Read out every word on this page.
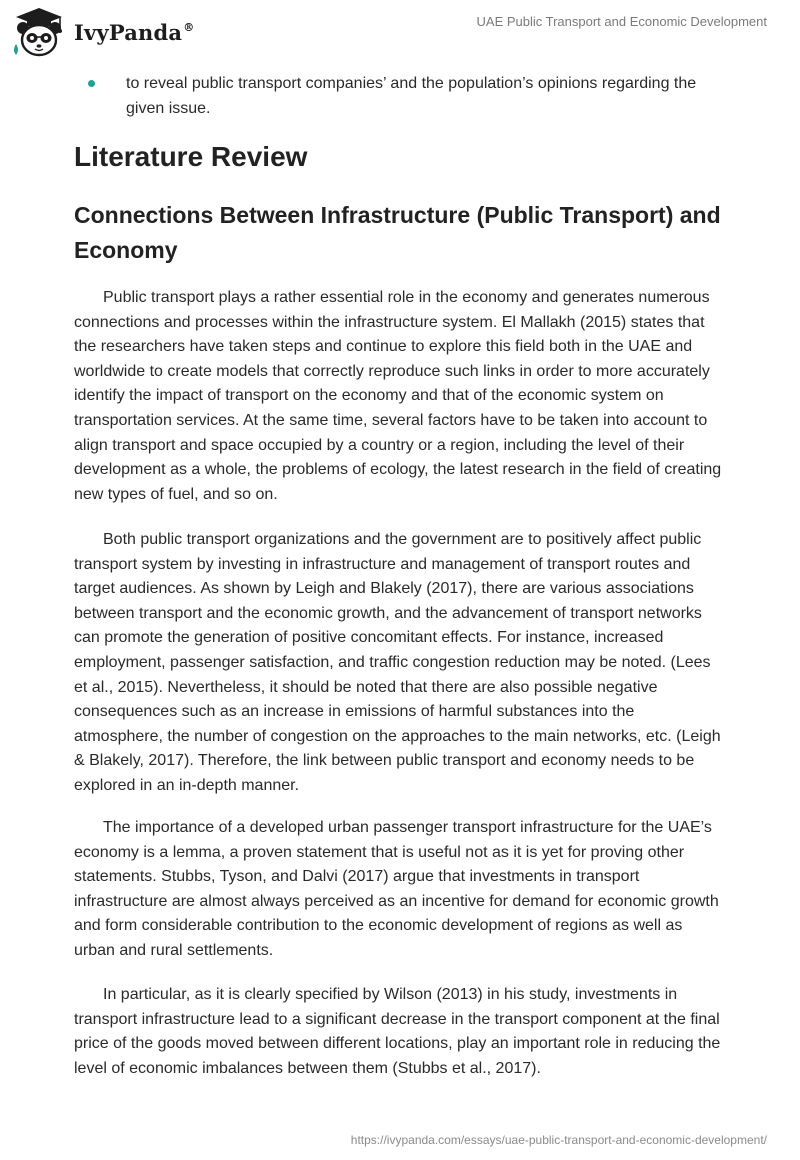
IvyPanda®	UAE Public Transport and Economic Development
to reveal public transport companies’ and the population’s opinions regarding the given issue.
Literature Review
Connections Between Infrastructure (Public Transport) and Economy

Public transport plays a rather essential role in the economy and generates numerous connections and processes within the infrastructure system. El Mallakh (2015) states that the researchers have taken steps and continue to explore this field both in the UAE and worldwide to create models that correctly reproduce such links in order to more accurately identify the impact of transport on the economy and that of the economic system on transportation services. At the same time, several factors have to be taken into account to align transport and space occupied by a country or a region, including the level of their development as a whole, the problems of ecology, the latest research in the field of creating new types of fuel, and so on.

Both public transport organizations and the government are to positively affect public transport system by investing in infrastructure and management of transport routes and target audiences. As shown by Leigh and Blakely (2017), there are various associations between transport and the economic growth, and the advancement of transport networks can promote the generation of positive concomitant effects. For instance, increased employment, passenger satisfaction, and traffic congestion reduction may be noted. (Lees et al., 2015). Nevertheless, it should be noted that there are also possible negative consequences such as an increase in emissions of harmful substances into the atmosphere, the number of congestion on the approaches to the main networks, etc. (Leigh & Blakely, 2017). Therefore, the link between public transport and economy needs to be explored in an in-depth manner.

The importance of a developed urban passenger transport infrastructure for the UAE’s economy is a lemma, a proven statement that is useful not as it is yet for proving other statements. Stubbs, Tyson, and Dalvi (2017) argue that investments in transport infrastructure are almost always perceived as an incentive for demand for economic growth and form considerable contribution to the economic development of regions as well as urban and rural settlements.

In particular, as it is clearly specified by Wilson (2013) in his study, investments in transport infrastructure lead to a significant decrease in the transport component at the final price of the goods moved between different locations, play an important role in reducing the level of economic imbalances between them (Stubbs et al., 2017).

https://ivypanda.com/essays/uae-public-transport-and-economic-development/
